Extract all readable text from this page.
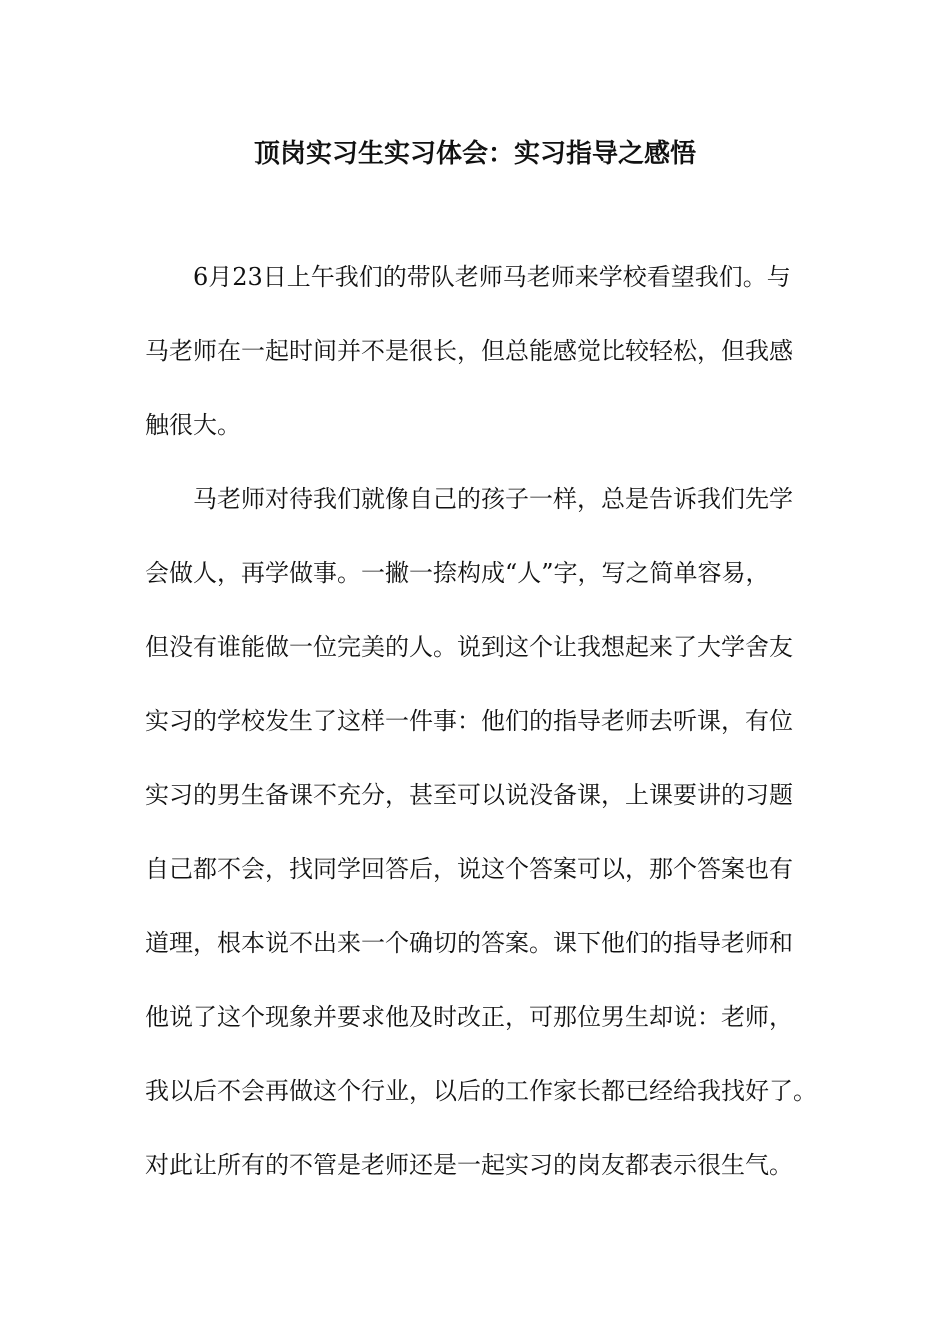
顶岗实习生实习体会：实习指导之感悟
6月23日上午我们的带队老师马老师来学校看望我们。与
马老师在一起时间并不是很长，但总能感觉比较轻松，但我感
触很大。
马老师对待我们就像自己的孩子一样，总是告诉我们先学
会做人，再学做事。一撇一捺构成“人”字，写之简单容易，
但没有谁能做一位完美的人。说到这个让我想起来了大学舍友
实习的学校发生了这样一件事：他们的指导老师去听课，有位
实习的男生备课不充分，甚至可以说没备课，上课要讲的习题
自己都不会，找同学回答后，说这个答案可以，那个答案也有
道理，根本说不出来一个确切的答案。课下他们的指导老师和
他说了这个现象并要求他及时改正，可那位男生却说：老师，
我以后不会再做这个行业，以后的工作家长都已经给我找好了。
对此让所有的不管是老师还是一起实习的岗友都表示很生气。
